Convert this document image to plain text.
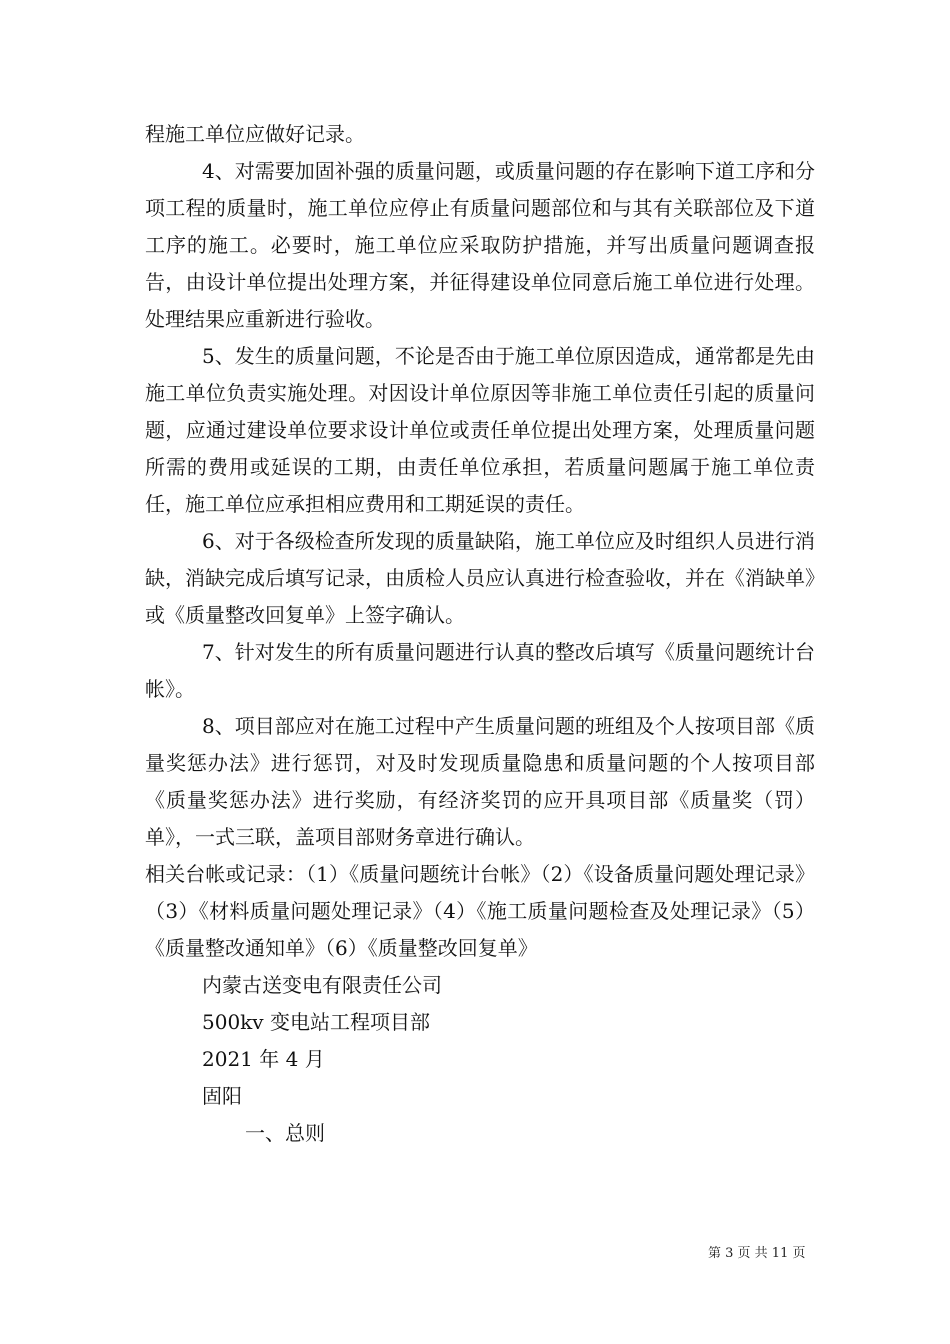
程施工单位应做好记录。

4、对需要加固补强的质量问题，或质量问题的存在影响下道工序和分项工程的质量时，施工单位应停止有质量问题部位和与其有关联部位及下道工序的施工。必要时，施工单位应采取防护措施，并写出质量问题调查报告，由设计单位提出处理方案，并征得建设单位同意后施工单位进行处理。处理结果应重新进行验收。

5、发生的质量问题，不论是否由于施工单位原因造成，通常都是先由施工单位负责实施处理。对因设计单位原因等非施工单位责任引起的质量问题，应通过建设单位要求设计单位或责任单位提出处理方案，处理质量问题所需的费用或延误的工期，由责任单位承担，若质量问题属于施工单位责任，施工单位应承担相应费用和工期延误的责任。

6、对于各级检查所发现的质量缺陷，施工单位应及时组织人员进行消缺，消缺完成后填写记录，由质检人员应认真进行检查验收，并在《消缺单》或《质量整改回复单》上签字确认。

7、针对发生的所有质量问题进行认真的整改后填写《质量问题统计台帐》。

8、项目部应对在施工过程中产生质量问题的班组及个人按项目部《质量奖惩办法》进行惩罚，对及时发现质量隐患和质量问题的个人按项目部《质量奖惩办法》进行奖励，有经济奖罚的应开具项目部《质量奖（罚）单》，一式三联，盖项目部财务章进行确认。

相关台帐或记录：（1）《质量问题统计台帐》（2）《设备质量问题处理记录》（3）《材料质量问题处理记录》（4）《施工质量问题检查及处理记录》（5）《质量整改通知单》（6）《质量整改回复单》

内蒙古送变电有限责任公司

500kv 变电站工程项目部

2021 年 4 月

固阳

一、总则

第 3 页 共 11 页
